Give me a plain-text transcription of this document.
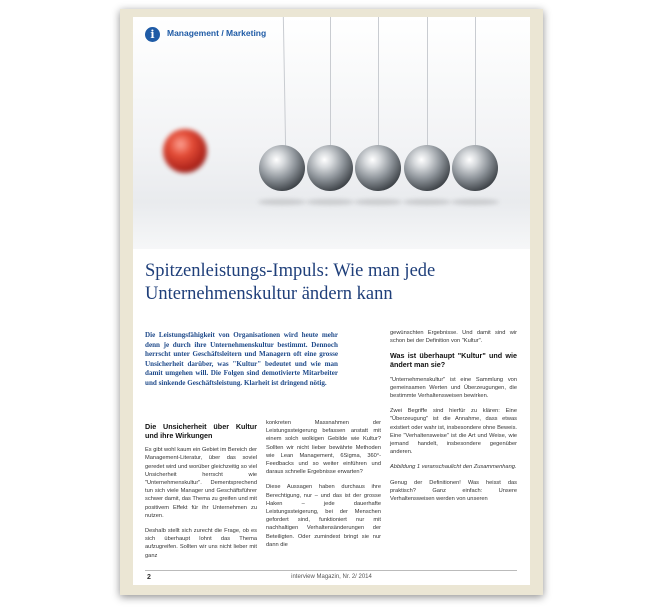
i	Management / Marketing
Spitzenleistungs-Impuls: Wie man jede Unternehmenskultur ändern kann

Die Leistungsfähigkeit von Organisationen wird heute mehr denn je durch ihre Unternehmenskultur bestimmt. Dennoch herrscht unter Geschäftsleitern und Managern oft eine grosse Unsicherheit darüber, was "Kultur" bedeutet und wie man damit umgehen will. Die Folgen sind demotivierte Mitarbeiter und sinkende Geschäftsleistung. Klarheit ist dringend nötig.

Die Unsicherheit über Kultur und ihre Wirkungen

Es gibt wohl kaum ein Gebiet im Bereich der Management-Literatur, über das soviel geredet wird und worüber gleichzeitig so viel Unsicherheit herrscht wie "Unternehmenskultur". Dementsprechend tun sich viele Manager und Geschäftsführer schwer damit, das Thema zu greifen und mit positivem Effekt für ihr Unternehmen zu nutzen.

Deshalb stellt sich zurecht die Frage, ob es sich überhaupt lohnt das Thema aufzugreifen. Sollten wir uns nicht lieber mit ganz

konkreten Massnahmen der Leistungssteigerung befassen anstatt mit einem solch wolkigen Gebilde wie Kultur? Sollten wir nicht lieber bewährte Methoden wie Lean Management, 6Sigma, 360°-Feedbacks und so weiter einführen und daraus schnelle Ergebnisse erwarten?

Diese Aussagen haben durchaus ihre Berechtigung, nur – und das ist der grosse Haken – jede dauerhafte Leistungssteigerung, bei der Menschen gefordert sind, funktioniert nur mit nachhaltigen Verhaltensänderungen der Beteiligten. Oder zumindest bringt sie nur dann die

gewünschten Ergebnisse. Und damit sind wir schon bei der Definition von "Kultur".

Was ist überhaupt "Kultur" und wie ändert man sie?

"Unternehmenskultur" ist eine Sammlung von gemeinsamen Werten und Überzeugungen, die bestimmte Verhaltensweisen bewirken.

Zwei Begriffe sind hierfür zu klären: Eine "Überzeugung" ist die Annahme, dass etwas existiert oder wahr ist, insbesondere ohne Beweis. Eine "Verhaltensweise" ist die Art und Weise, wie jemand handelt, insbesondere gegenüber anderen.

Abbildung 1 veranschaulicht den Zusammenhang.

Genug der Definitionen! Was heisst das praktisch? Ganz einfach: Unsere Verhaltensweisen werden von unseren

2	interview Magazin, Nr. 2/ 2014
